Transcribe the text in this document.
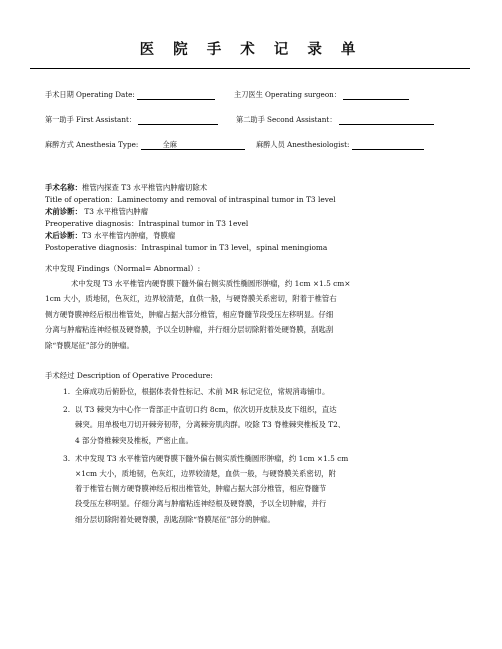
医 院 手 术 记 录 单
手术日期 Operating Date:	主刀医生 Operating surgeon：
第一助手 First Assistant：	第二助手 Second Assistant：
麻醉方式 Anesthesia Type:	全麻	麻醉人员 Anesthesiologist:
手术名称：椎管内探查 T3 水平椎管内肿瘤切除术
Title of operation：Laminectomy and removal of intraspinal tumor in T3 level
术前诊断： T3 水平椎管内肿瘤
Preoperative diagnosis：Intraspinal tumor in T3 1evel
术后诊断：T3 水平椎管内肿瘤，脊膜瘤
Postoperative diagnosis：Intraspinal tumor in T3 level，spinal meningioma
术中发现 Findings（Normal= Abnormal）:
术中发现 T3 水平椎管内硬脊膜下髓外偏右侧实质性椭圆形肿瘤，约 1cm ×1.5 cm×
1cm 大小，质地韧，色灰红，边界较清楚，血供一般，与硬脊膜关系密切，附着于椎管右
侧方硬脊膜神经后根出椎管处，肿瘤占据大部分椎管，相应脊髓节段受压左移明显。仔细
分离与肿瘤粘连神经根及硬脊膜，予以全切肿瘤，并行细分层切除附着处硬脊膜，刮匙刮
除“脊膜尾征”部分的肿瘤。
手术经过 Description of Operative Procedure:
1. 全麻成功后俯卧位，根据体表骨性标记、术前 MR 标记定位，常规消毒铺巾。
2. 以 T3 棘突为中心作一背部正中直切口约 8cm，依次切开皮肤及皮下组织，直达
棘突。用单极电刀切开棘旁韧带，分离棘旁肌肉群。咬除 T3 脊椎棘突椎板及 T2、
4 部分脊椎棘突及椎板，严密止血。
3. 术中发现 T3 水平椎管内硬脊膜下髓外偏右侧实质性椭圆形肿瘤，约 1cm ×1.5 cm
×1cm 大小，质地韧，色灰红，边界较清楚，血供一般，与硬脊膜关系密切，附
着于椎管右侧方硬脊膜神经后根出椎管处，肿瘤占据大部分椎管，相应脊髓节
段受压左移明显。仔细分离与肿瘤粘连神经根及硬脊膜，予以全切肿瘤，并行
细分层切除附着处硬脊膜，刮匙刮除“脊膜尾征”部分的肿瘤。
